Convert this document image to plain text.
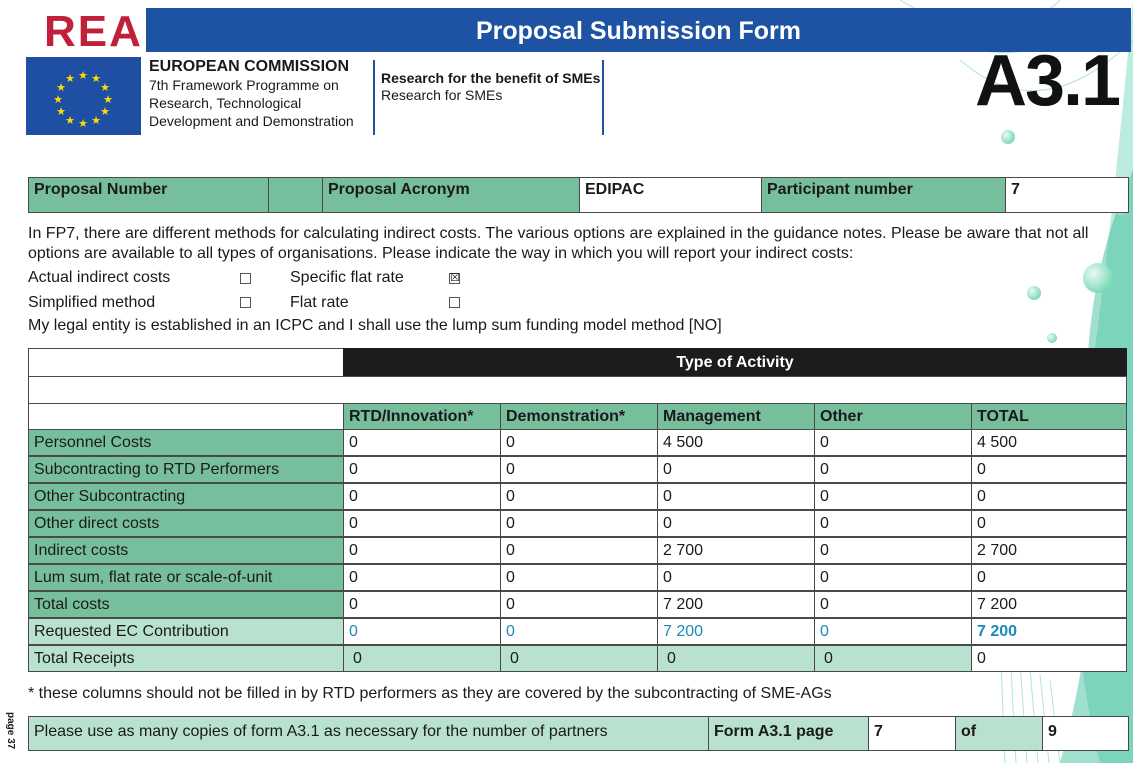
REA	Proposal Submission Form
★ ★
★
★
★
★
★
★
★
★
★
★
EUROPEAN COMMISSION
7th Framework Programme on
Research, Technological
Development and Demonstration
Research for the benefit of SMEs
Research for SMEs	A3.1
Proposal Number	Proposal Acronym	EDIPAC	Participant number	7
In FP7, there are different methods for calculating indirect costs. The various options are explained in the guidance notes. Please be aware that not all options are available to all types of organisations. Please indicate the way in which you will report your indirect costs:
Actual indirect costs	Specific flat rate	☒
Simplified method	Flat rate
My legal entity is established in an ICPC and I shall use the lump sum funding model method [NO]
Type of Activity
RTD/Innovation*	Demonstration*	Management	Other	TOTAL
Personnel Costs	0	0	4 500	0	4 500
Subcontracting to RTD Performers	0	0	0	0	0
Other Subcontracting	0	0	0	0	0
Other direct costs	0	0	0	0	0
Indirect costs	0	0	2 700	0	2 700
Lum sum, flat rate or scale-of-unit	0	0	0	0	0
Total costs	0	0	7 200	0	7 200
Requested EC Contribution	0	0	7 200	0	7 200
Total Receipts	0	0	0	0	0
* these columns should not be filled in by RTD performers as they are covered by the subcontracting of SME-AGs
page 37	Please use as many copies of form A3.1 as necessary for the number of partners	Form A3.1 page	7	of	9
